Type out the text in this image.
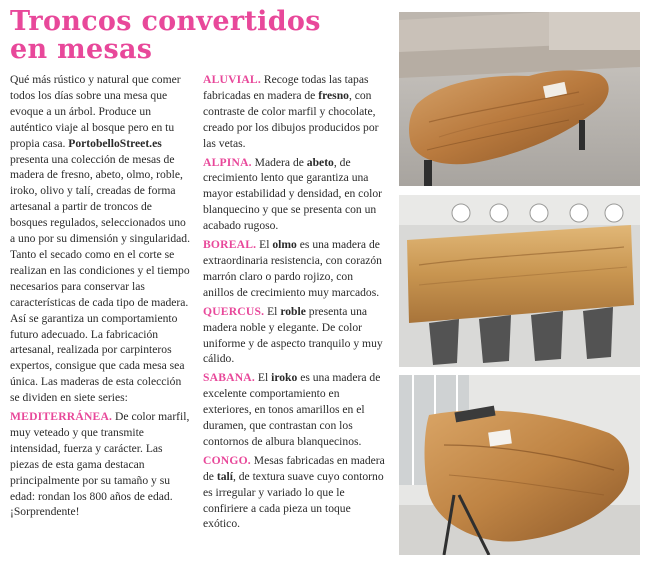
Troncos convertidos
en mesas

Qué más rústico y natural que comer todos los días sobre una mesa que evoque a un árbol. Produce un auténtico viaje al bosque pero en tu propia casa. PortobelloStreet.es presenta una colección de mesas de madera de fresno, abeto, olmo, roble, iroko, olivo y talí, creadas de forma artesanal a partir de troncos de bosques regulados, seleccionados uno a uno por su dimensión y singularidad. Tanto el secado como en el corte se realizan en las condiciones y el tiempo necesarios para conservar las características de cada tipo de madera. Así se garantiza un comportamiento futuro adecuado. La fabricación artesanal, realizada por carpinteros expertos, consigue que cada mesa sea única. Las maderas de esta colección se dividen en siete series:

MEDITERRÁNEA. De color marfil, muy veteado y que transmite intensidad, fuerza y carácter. Las piezas de esta gama destacan principalmente por su tamaño y su edad: rondan los 800 años de edad. ¡Sorprendente!

ALUVIAL. Recoge todas las tapas fabricadas en madera de fresno, con contraste de color marfil y chocolate, creado por los dibujos producidos por las vetas.

ALPINA. Madera de abeto, de crecimiento lento que garantiza una mayor estabilidad y densidad, en color blanquecino y que se presenta con un acabado rugoso.

BOREAL. El olmo es una madera de extraordinaria resistencia, con corazón marrón claro o pardo rojizo, con anillos de crecimiento muy marcados.

QUERCUS. El roble presenta una madera noble y elegante. De color uniforme y de aspecto tranquilo y muy cálido.

SABANA. El iroko es una madera de excelente comportamiento en exteriores, en tonos amarillos en el duramen, que contrastan con los contornos de albura blanquecinos.

CONGO. Mesas fabricadas en madera de talí, de textura suave cuyo contorno es irregular y variado lo que le confiriere a cada pieza un toque exótico.
